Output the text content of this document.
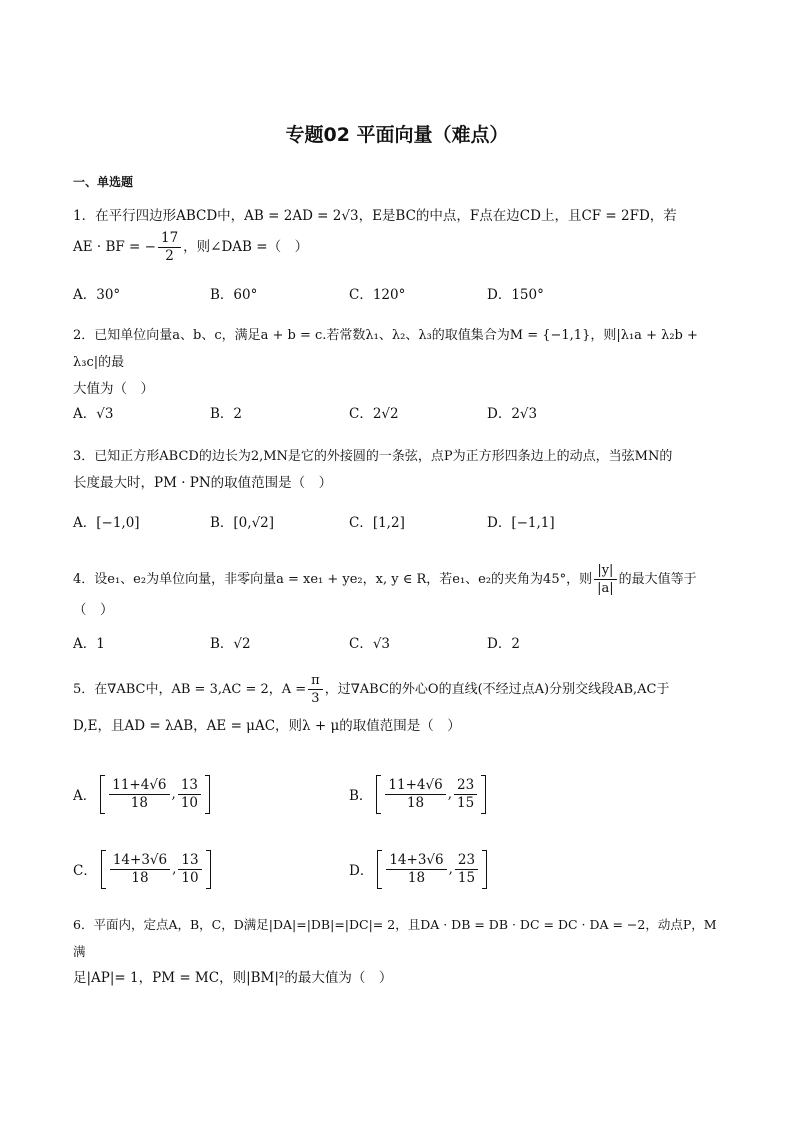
专题02 平面向量（难点）
一、单选题
1．在平行四边形ABCD中，AB = 2AD = 2√3，E是BC的中点，F点在边CD上，且CF = 2FD，若
AE · BF = − $\frac{17}{2}$ ，则∠DAB =（　）
A．30°	B．60°	C．120°	D．150°
2．已知单位向量a、b、c，满足a + b = c.若常数λ₁、λ₂、λ₃的取值集合为M = {−1,1}，则|λ₁a + λ₂b + λ₃c|的最
大值为（　）
A．√3	B．2	C．2√2	D．2√3
3．已知正方形ABCD的边长为2,MN是它的外接圆的一条弦，点P为正方形四条边上的动点，当弦MN的
长度最大时，PM · PN的取值范围是（　）
A．[−1,0]	B．[0,√2]	C．[1,2]	D．[−1,1]
4．设e₁、e₂为单位向量，非零向量a = xe₁ + ye₂，x, y ∈ R，若e₁、e₂的夹角为45°，则 $\frac{|y|}{|a|}$ 的最大值等于
（　）
A．1	B．√2	C．√3	D．2
5．在∇ABC中，AB = 3,AC = 2，$A = \frac{\pi}{3}$ ，过∇ABC的外心O的直线(不经过点A)分别交线段AB,AC于
D,E，且AD = λAB，AE = μAC，则λ + μ的取值范围是（　）
A． $\frac{11+4√6}{18}$ , $\frac{13}{10}$	B． $\frac{11+4√6}{18}$ , $\frac{23}{15}$
C． $\frac{14+3√6}{18}$ , $\frac{13}{10}$	D． $\frac{14+3√6}{18}$ , $\frac{23}{15}$
6．平面内，定点A，B，C，D满足|DA|=|DB|=|DC|= 2，且DA · DB = DB · DC = DC · DA = −2，动点P，M满
足|AP|= 1，PM = MC，则|BM|²的最大值为（　）
